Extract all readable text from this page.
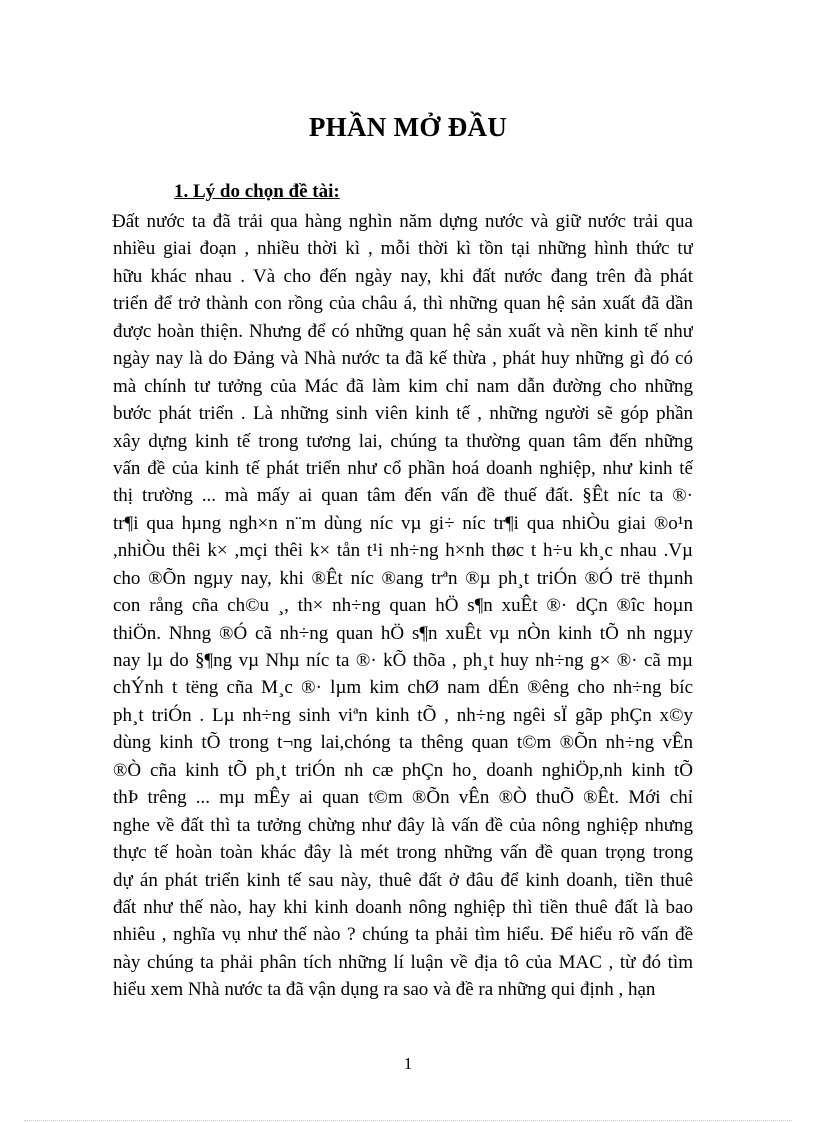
PHẦN MỞ ĐẦU
1. Lý do chọn đề tài:
Đất nước ta đã trải qua hàng nghìn năm dựng nước và giữ nước trải qua
nhiều giai đoạn , nhiều thời kì , mỗi thời kì tồn tại những hình thức tư
hữu khác nhau . Và cho đến ngày nay, khi đất nước đang trên đà phát
triển để trở thành con rồng của châu á, thì những quan hệ sản xuất đã dần
được hoàn thiện. Nhưng để có những quan hệ sản xuất và nền kinh tế như
ngày nay là do Đảng và Nhà nước ta đã kế thừa , phát huy những gì đó có
mà chính tư tưởng của Mác đã làm kim chỉ nam dẫn đường cho những
bước phát triển . Là những sinh viên kinh tế , những người sẽ góp phần
xây dựng kinh tế trong tương lai, chúng ta thường quan tâm đến những
vấn đề của kinh tế phát triển như cổ phần hoá doanh nghiệp, như kinh tế
thị trường ... mà mấy ai quan tâm đến vấn đề thuế đất. §Êt níc ta ®·
tr¶i qua hµng ngh×n n¨m dùng níc vµ gi÷ níc tr¶i qua nhiÒu giai ®o¹n
,nhiÒu thêi k× ,mçi thêi k× tån t¹i nh÷ng h×nh thøc t h÷u kh¸c nhau .Vµ
cho ®Õn ngµy nay, khi ®Êt níc ®ang trªn ®µ ph¸t triÓn ®Ó trë thµnh
con rång cña ch©u ¸, th× nh÷ng quan hÖ s¶n xuÊt ®· dÇn ®îc hoµn
thiÖn. Nhng ®Ó cã nh÷ng quan hÖ s¶n xuÊt vµ nÒn kinh tÕ nh ngµy
nay lµ do §¶ng vµ Nhµ níc ta ®· kÕ thõa , ph¸t huy nh÷ng g× ®· cã mµ
chÝnh t tëng cña M¸c ®· lµm kim chØ nam dÉn ®êng cho nh÷ng bíc
ph¸t triÓn . Lµ nh÷ng sinh viªn kinh tÕ , nh÷ng ngêi sÏ gãp phÇn x©y
dùng kinh tÕ trong t¬ng lai,chóng ta thêng quan t©m ®Õn nh÷ng vÊn
®Ò cña kinh tÕ ph¸t triÓn nh cæ phÇn ho¸ doanh nghiÖp,nh kinh tÕ
thÞ trêng ... mµ mÊy ai quan t©m ®Õn vÊn ®Ò thuÕ ®Êt. Mới chỉ
nghe về đất thì ta tưởng chừng như đây là vấn đề của nông nghiệp nhưng
thực tế hoàn toàn khác đây là mét trong những vấn đề quan trọng trong
dự án phát triển kinh tế sau này, thuê đất ở đâu để kinh doanh, tiền thuê
đất như thế nào, hay khi kinh doanh nông nghiệp thì tiền thuê đất là bao
nhiêu , nghĩa vụ như thế nào ? chúng ta phải tìm hiểu. Để hiểu rõ vấn đề
này chúng ta phải phân tích những lí luận về địa tô của MAC , từ đó tìm
hiểu xem Nhà nước ta đã vận dụng ra sao và đề ra những qui định , hạn
1
